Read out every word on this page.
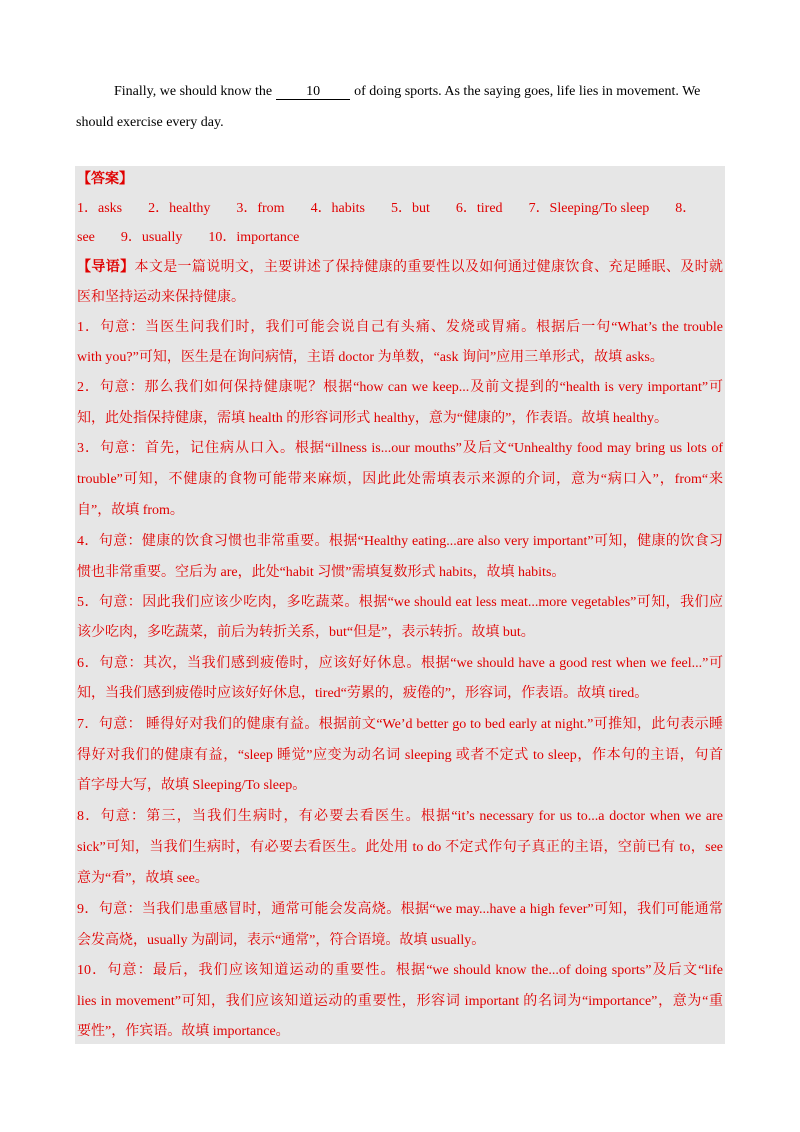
Finally, we should know the 10 of doing sports. As the saying goes, life lies in movement. We
should exercise every day.
【答案】
1．asks 2．healthy 3．from 4．habits 5．but 6．tired 7．Sleeping/To sleep 8．
see 9．usually 10．importance
【导语】本文是一篇说明文，主要讲述了保持健康的重要性以及如何通过健康饮食、充足睡眠、及时就
医和坚持运动来保持健康。
1．句意：当医生问我们时，我们可能会说自己有头痛、发烧或胃痛。根据后一句“What’s the trouble
with you?”可知，医生是在询问病情，主语 doctor 为单数，“ask 询问”应用三单形式，故填 asks。
2．句意：那么我们如何保持健康呢？根据“how can we keep...及前文提到的“health is very important”可
知，此处指保持健康，需填 health 的形容词形式 healthy，意为“健康的”，作表语。故填 healthy。
3．句意：首先，记住病从口入。根据“illness is...our mouths”及后文“Unhealthy food may bring us lots of
trouble”可知，不健康的食物可能带来麻烦，因此此处需填表示来源的介词，意为“病口入”，from“来
自”，故填 from。
4．句意：健康的饮食习惯也非常重要。根据“Healthy eating...are also very important”可知，健康的饮食习
惯也非常重要。空后为 are，此处“habit 习惯”需填复数形式 habits，故填 habits。
5．句意：因此我们应该少吃肉，多吃蔬菜。根据“we should eat less meat...more vegetables”可知，我们应
该少吃肉，多吃蔬菜，前后为转折关系，but“但是”，表示转折。故填 but。
6．句意：其次，当我们感到疲倦时，应该好好休息。根据“we should have a good rest when we feel...”可
知，当我们感到疲倦时应该好好休息，tired“劳累的，疲倦的”，形容词，作表语。故填 tired。
7．句意： 睡得好对我们的健康有益。根据前文“We’d better go to bed early at night.”可推知，此句表示睡
得好对我们的健康有益，“sleep 睡觉”应变为动名词 sleeping 或者不定式 to sleep，作本句的主语，句首
首字母大写，故填 Sleeping/To sleep。
8．句意：第三，当我们生病时，有必要去看医生。根据“it’s necessary for us to...a doctor when we are
sick”可知，当我们生病时，有必要去看医生。此处用 to do 不定式作句子真正的主语，空前已有 to，see
意为“看”，故填 see。
9．句意：当我们患重感冒时，通常可能会发高烧。根据“we may...have a high fever”可知，我们可能通常
会发高烧，usually 为副词，表示“通常”，符合语境。故填 usually。
10．句意：最后，我们应该知道运动的重要性。根据“we should know the...of doing sports”及后文“life
lies in movement”可知，我们应该知道运动的重要性，形容词 important 的名词为“importance”，意为“重
要性”，作宾语。故填 importance。
